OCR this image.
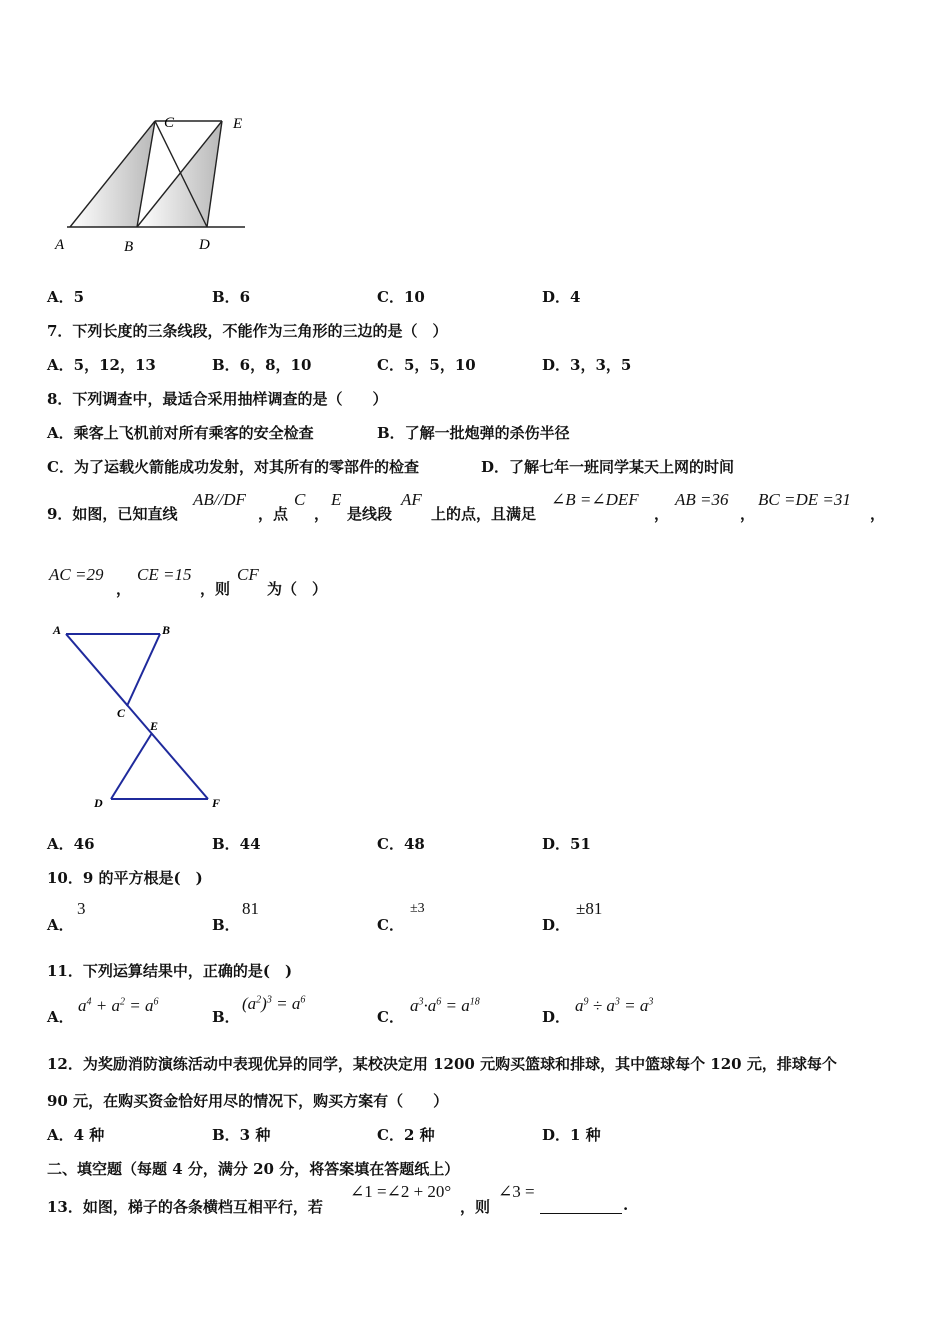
C	E
A	B	D
A．5	B．6	C．10	D．4
7．下列长度的三条线段，不能作为三角形的三边的是（　）
A．5，12，13	B．6，8，10	C．5，5，10	D．3，3，5
8．下列调查中，最适合采用抽样调查的是（　　）
A．乘客上飞机前对所有乘客的安全检查	B．了解一批炮弹的杀伤半径
C．为了运载火箭能成功发射，对其所有的零部件的检查	D．了解七年一班同学某天上网的时间
9．如图，已知直线
AB//DF
，点
C
，
E
是线段
AF
上的点，且满足
∠B =∠DEF
，
AB =36
，
BC =DE =31
，
AC =29
，
CE =15
，则
CF
为（　）
A	B
C
E
D	F
A．46	B．44	C．48	D．51
10．9 的平方根是(　)
A．
3
B．
81
C．
±3
D．
±81
11．下列运算结果中，正确的是(　)
A．
$a^4 + a^2 = a^6$
B．
$(a^2)^3 = a^6$
C．
$a^3\cdot a^6 = a^{18}$
D．
$a^9 \div a^3 = a^3$
12．为奖励消防演练活动中表现优异的同学，某校决定用 1200 元购买篮球和排球，其中篮球每个 120 元，排球每个
90 元，在购买资金恰好用尽的情况下，购买方案有（　　）
A．4 种	B．3 种	C．2 种	D．1 种
二、填空题（每题 4 分，满分 20 分，将答案填在答题纸上）
13．如图，梯子的各条横档互相平行，若
∠1 =∠2 + 20°
，则
∠3 =
.
